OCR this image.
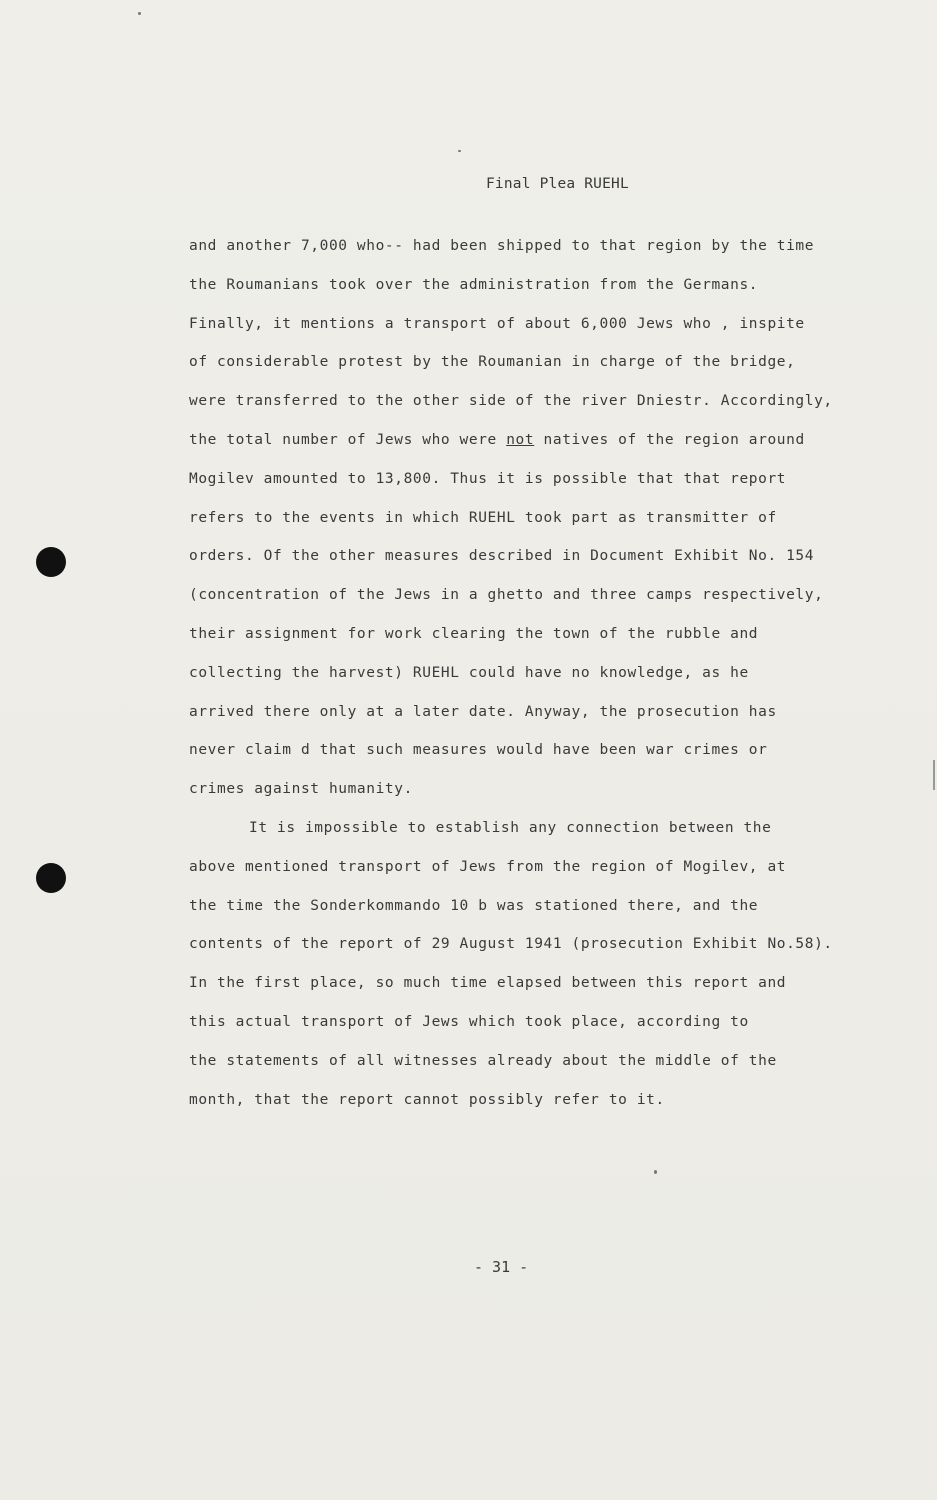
Final Plea RUEHL
and another 7,000 who-- had been shipped to that region by the time
the Roumanians took over the administration from the Germans.
Finally, it mentions a transport of about 6,000 Jews who , inspite
of considerable protest by the Roumanian in charge of the bridge,
were transferred to the other side of the river Dniestr. Accordingly,
the total number of Jews who were not natives of the region around
Mogilev amounted to 13,800. Thus it is possible that that report
refers to the events in which RUEHL took part as transmitter of
orders. Of the other measures described in Document Exhibit No. 154
(concentration of the Jews in a ghetto and three camps respectively,
their assignment for work clearing the town of the rubble and
collecting the harvest) RUEHL could have no knowledge, as he
arrived there only at a later date. Anyway, the prosecution has
never claim d that such measures would have been war crimes or
crimes against humanity.
It is impossible to establish any connection between the
above mentioned transport of Jews from the region of Mogilev, at
the time the Sonderkommando 10 b was stationed there, and the
contents of the report of 29 August 1941 (prosecution Exhibit No.58).
In the first place, so much time elapsed between this report and
this actual transport of Jews which took place, according to
the statements of all witnesses already about the middle of the
month, that the report cannot possibly refer to it.
- 31 -
